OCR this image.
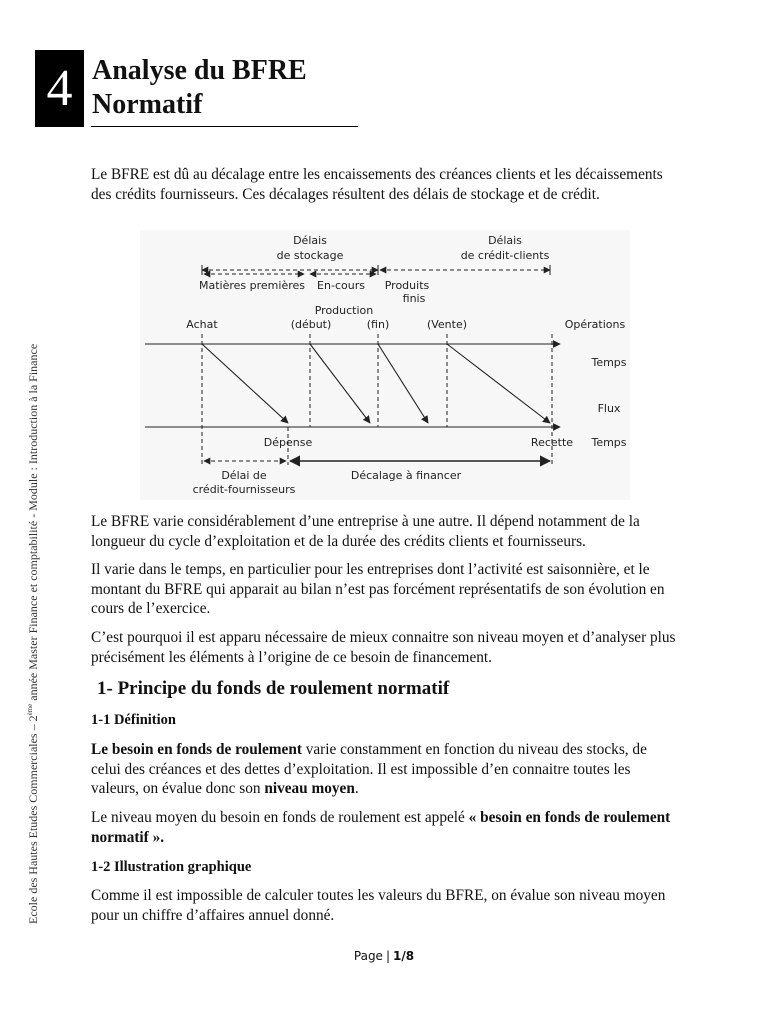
4 Analyse du BFRE
Normatif
Ecole des Hautes Etudes Commerciales – 2ème année Master Finance et comptabilité - Module : Introduction à la Finance

Le BFRE est dû au décalage entre les encaissements des créances clients et les décaissements des crédits fournisseurs. Ces décalages résultent des délais de stockage et de crédit.

Délais
de stockage
Délais
de crédit-clients
Matières premières En-cours Produits
finis
Production
Achat	(début)	(fin)	(Vente)	Opérations
Temps
Flux
Dépense	Recette Temps
Délai de
crédit-fournisseurs
Décalage à financer

Le BFRE varie considérablement d’une entreprise à une autre. Il dépend notamment de la longueur du cycle d’exploitation et de la durée des crédits clients et fournisseurs.

Il varie dans le temps, en particulier pour les entreprises dont l’activité est saisonnière, et le montant du BFRE qui apparait au bilan n’est pas forcément représentatifs de son évolution en cours de l’exercice.

C’est pourquoi il est apparu nécessaire de mieux connaitre son niveau moyen et d’analyser plus précisément les éléments à l’origine de ce besoin de financement.

1- Principe du fonds de roulement normatif
1-1 Définition

Le besoin en fonds de roulement varie constamment en fonction du niveau des stocks, de celui des créances et des dettes d’exploitation. Il est impossible d’en connaitre toutes les valeurs, on évalue donc son niveau moyen.

Le niveau moyen du besoin en fonds de roulement est appelé « besoin en fonds de roulement normatif ».

1-2 Illustration graphique

Comme il est impossible de calculer toutes les valeurs du BFRE, on évalue son niveau moyen pour un chiffre d’affaires annuel donné.

Page | 1/8
